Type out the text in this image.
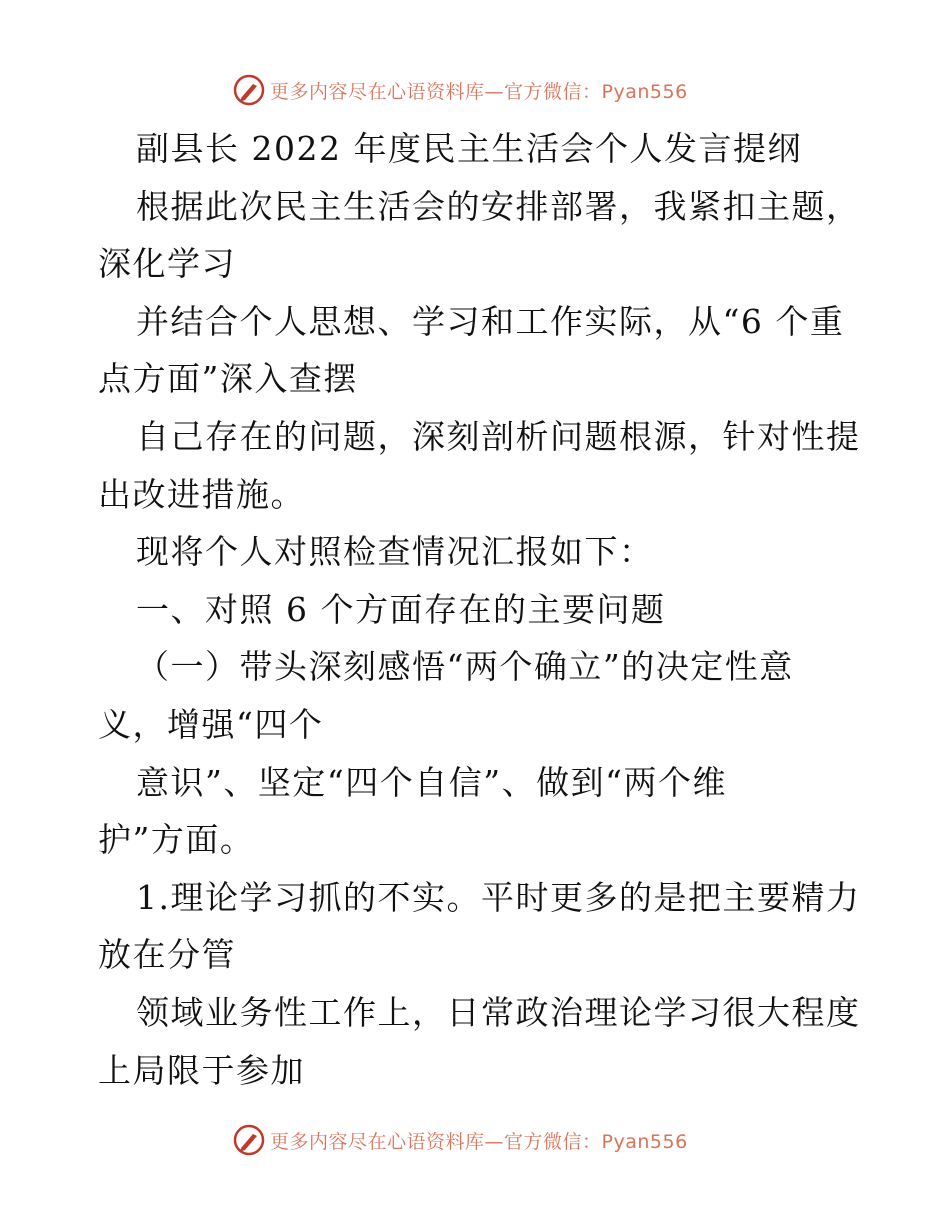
更多内容尽在心语资料库—官方微信：Pyan556
副县长 2022 年度民主生活会个人发言提纲
根据此次民主生活会的安排部署，我紧扣主题，
深化学习
并结合个人思想、学习和工作实际，从“6 个重
点方面”深入查摆
自己存在的问题，深刻剖析问题根源，针对性提
出改进措施。
现将个人对照检查情况汇报如下：
一、对照 6 个方面存在的主要问题
（一）带头深刻感悟“两个确立”的决定性意
义，增强“四个
意识”、坚定“四个自信”、做到“两个维
护”方面。
1.理论学习抓的不实。平时更多的是把主要精力
放在分管
领域业务性工作上，日常政治理论学习很大程度
上局限于参加
更多内容尽在心语资料库—官方微信：Pyan556
